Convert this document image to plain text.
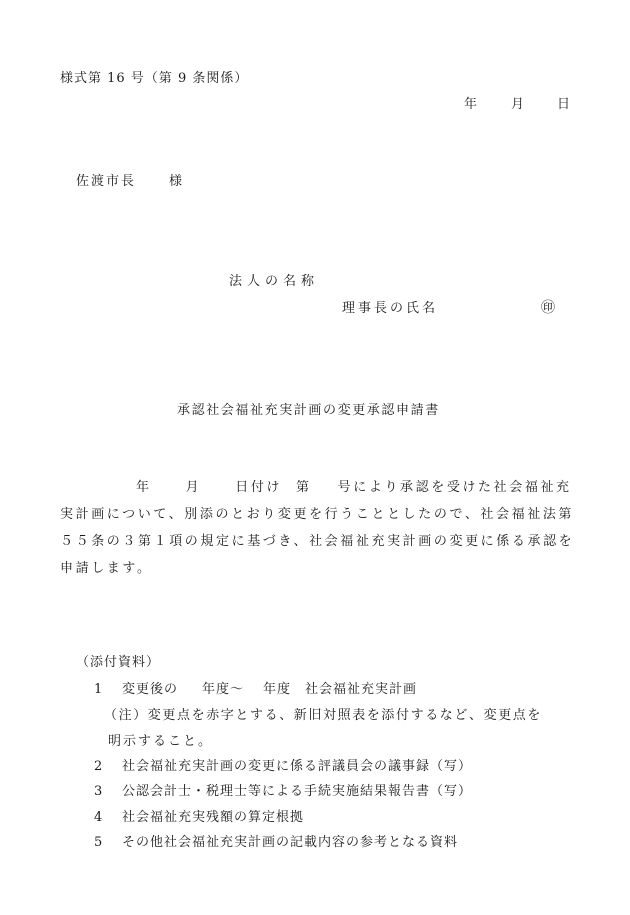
様式第 16 号（第 9 条関係）
年	月	日
佐渡市長	様
法人の名称
理事長の氏名	㊞
承認社会福祉充実計画の変更承認申請書
年	月	日付け 第 号により承認を受けた社会福祉充
実計画について、別添のとおり変更を行うこととしたので、社会福祉法第
５５条の３第１項の規定に基づき、社会福祉充実計画の変更に係る承認を
申請します。
（添付資料）
1 変更後の 年度～ 年度　社会福祉充実計画
（注）変更点を赤字とする、新旧対照表を添付するなど、変更点を
明示すること。
2 社会福祉充実計画の変更に係る評議員会の議事録（写）
3 公認会計士・税理士等による手続実施結果報告書（写）
4 社会福祉充実残額の算定根拠
5 その他社会福祉充実計画の記載内容の参考となる資料
